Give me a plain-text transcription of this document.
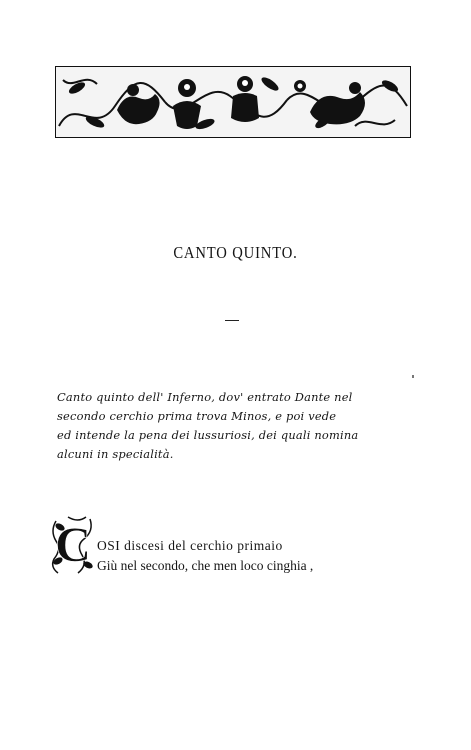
CANTO QUINTO.
Canto quinto dell' Inferno, dov' entrato Dante nel
secondo cerchio prima trova Minos, e poi vede
ed intende la pena dei lussuriosi, dei quali nomina
alcuni in specialità.
C OSI discesi del cerchio primaio
Giù nel secondo, che men loco cinghia ,
